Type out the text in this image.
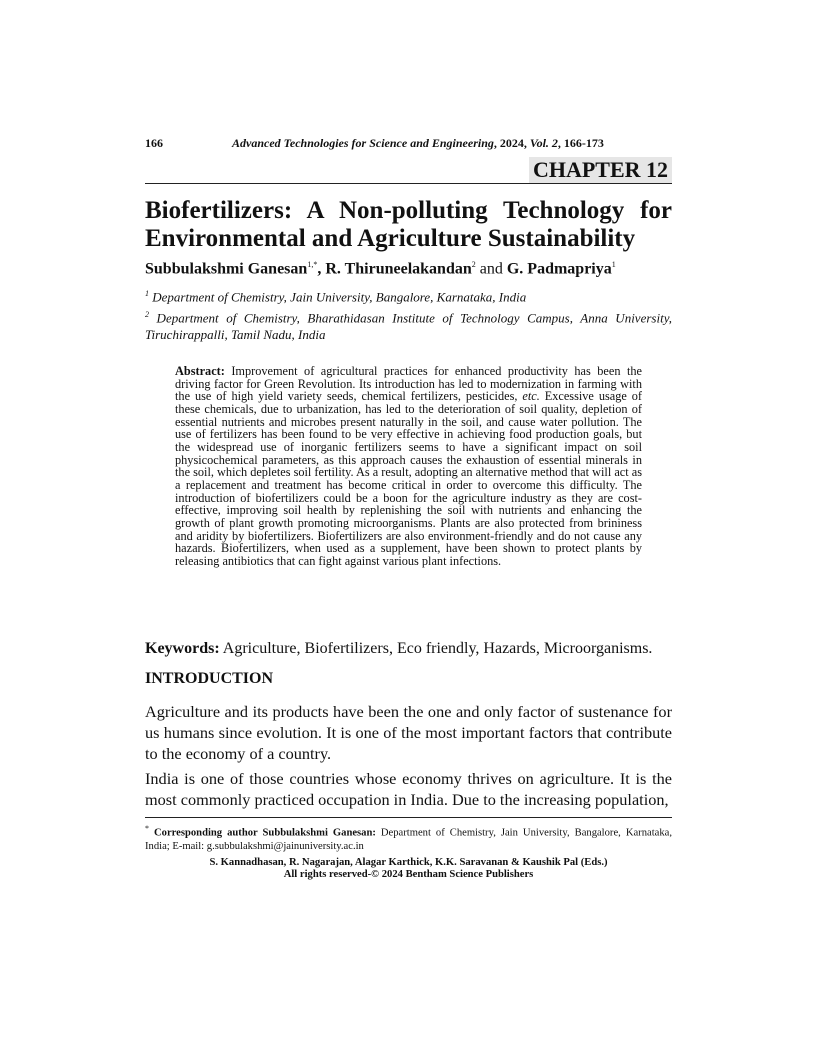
166	Advanced Technologies for Science and Engineering, 2024, Vol. 2, 166-173
CHAPTER 12
Biofertilizers: A Non-polluting Technology for
Environmental and Agriculture Sustainability
Subbulakshmi Ganesan$^{1,*}$, R. Thiruneelakandan$^2$ and G. Padmapriya$^1$
$^1$ Department of Chemistry, Jain University, Bangalore, Karnataka, India
$^2$ Department of Chemistry, Bharathidasan Institute of Technology Campus, Anna University, Tiruchirappalli, Tamil Nadu, India
Abstract: Improvement of agricultural practices for enhanced productivity has been the driving factor for Green Revolution. Its introduction has led to modernization in farming with the use of high yield variety seeds, chemical fertilizers, pesticides, etc. Excessive usage of these chemicals, due to urbanization, has led to the deterioration of soil quality, depletion of essential nutrients and microbes present naturally in the soil, and cause water pollution. The use of fertilizers has been found to be very effective in achieving food production goals, but the widespread use of inorganic fertilizers seems to have a significant impact on soil physicochemical parameters, as this approach causes the exhaustion of essential minerals in the soil, which depletes soil fertility. As a result, adopting an alternative method that will act as a replacement and treatment has become critical in order to overcome this difficulty. The introduction of biofertilizers could be a boon for the agriculture industry as they are cost-effective, improving soil health by replenishing the soil with nutrients and enhancing the growth of plant growth promoting microorganisms. Plants are also protected from brininess and aridity by biofertilizers. Biofertilizers are also environment-friendly and do not cause any hazards. Biofertilizers, when used as a supplement, have been shown to protect plants by releasing antibiotics that can fight against various plant infections.
Keywords: Agriculture, Biofertilizers, Eco friendly, Hazards, Microorganisms.
INTRODUCTION
Agriculture and its products have been the one and only factor of sustenance for us humans since evolution. It is one of the most important factors that contribute to the economy of a country.
India is one of those countries whose economy thrives on agriculture. It is the most commonly practiced occupation in India. Due to the increasing population,
* Corresponding author Subbulakshmi Ganesan: Department of Chemistry, Jain University, Bangalore, Karnataka, India; E-mail: g.subbulakshmi@jainuniversity.ac.in
S. Kannadhasan, R. Nagarajan, Alagar Karthick, K.K. Saravanan & Kaushik Pal (Eds.)
All rights reserved-© 2024 Bentham Science Publishers
